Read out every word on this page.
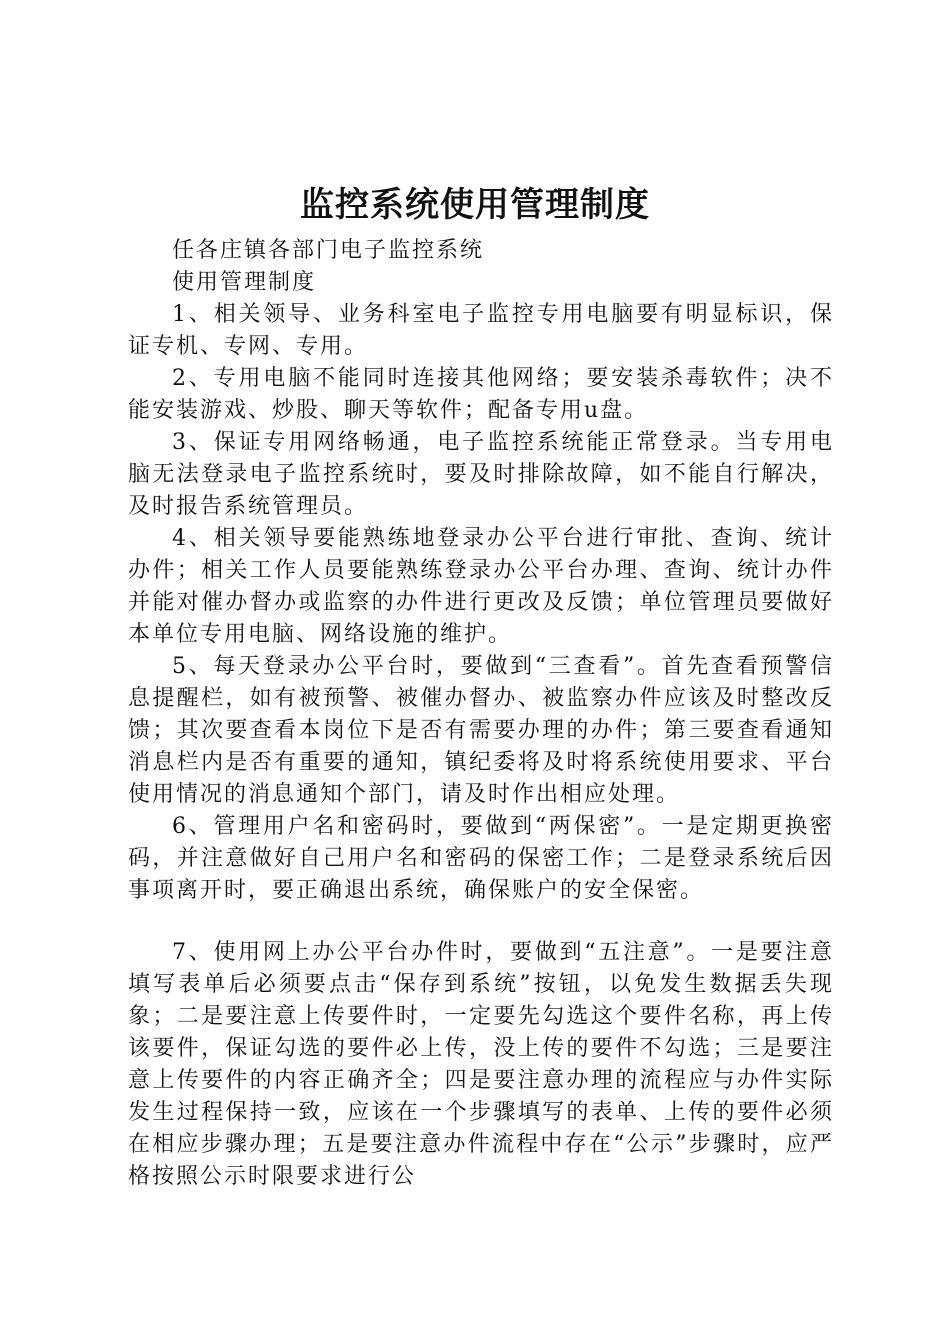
监控系统使用管理制度

任各庄镇各部门电子监控系统

使用管理制度

1、相关领导、业务科室电子监控专用电脑要有明显标识，保证专机、专网、专用。

2、专用电脑不能同时连接其他网络；要安装杀毒软件；决不能安装游戏、炒股、聊天等软件；配备专用u盘。

3、保证专用网络畅通，电子监控系统能正常登录。当专用电脑无法登录电子监控系统时，要及时排除故障，如不能自行解决，及时报告系统管理员。

4、相关领导要能熟练地登录办公平台进行审批、查询、统计办件；相关工作人员要能熟练登录办公平台办理、查询、统计办件并能对催办督办或监察的办件进行更改及反馈；单位管理员要做好本单位专用电脑、网络设施的维护。

5、每天登录办公平台时，要做到“三查看”。首先查看预警信息提醒栏，如有被预警、被催办督办、被监察办件应该及时整改反馈；其次要查看本岗位下是否有需要办理的办件；第三要查看通知消息栏内是否有重要的通知，镇纪委将及时将系统使用要求、平台使用情况的消息通知个部门，请及时作出相应处理。

6、管理用户名和密码时，要做到“两保密”。一是定期更换密码，并注意做好自己用户名和密码的保密工作；二是登录系统后因事项离开时，要正确退出系统，确保账户的安全保密。

7、使用网上办公平台办件时，要做到“五注意”。一是要注意填写表单后必须要点击“保存到系统”按钮，以免发生数据丢失现象；二是要注意上传要件时，一定要先勾选这个要件名称，再上传该要件，保证勾选的要件必上传，没上传的要件不勾选；三是要注意上传要件的内容正确齐全；四是要注意办理的流程应与办件实际发生过程保持一致，应该在一个步骤填写的表单、上传的要件必须在相应步骤办理；五是要注意办件流程中存在“公示”步骤时，应严格按照公示时限要求进行公
